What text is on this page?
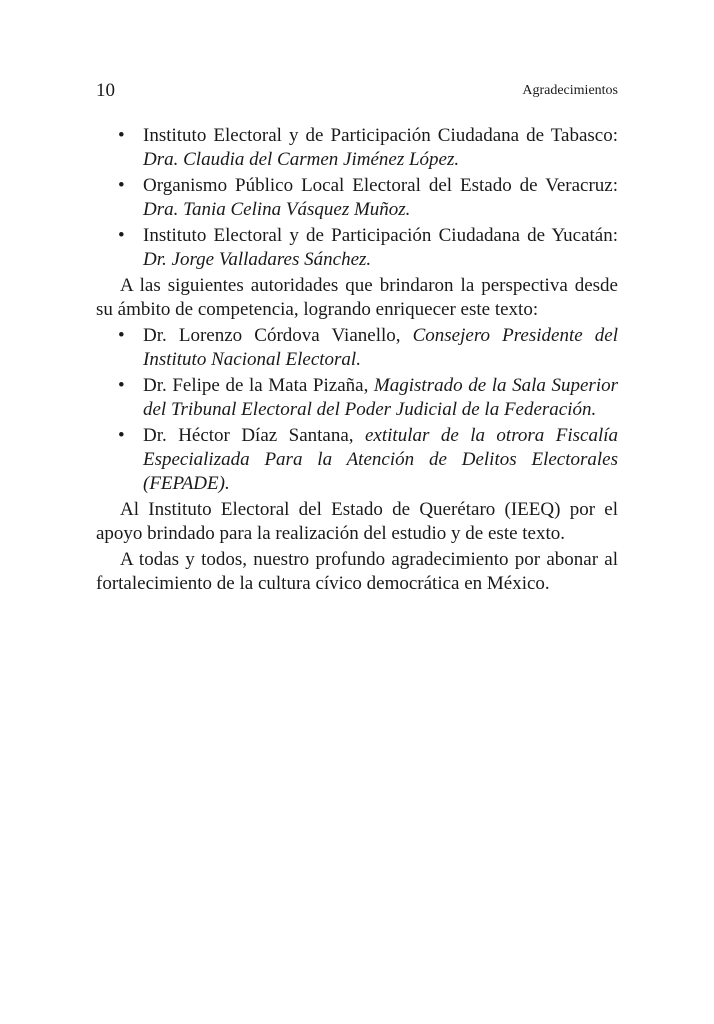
10	Agradecimientos
• Instituto Electoral y de Participación Ciudadana de Tabasco: Dra. Claudia del Carmen Jiménez López.
• Organismo Público Local Electoral del Estado de Veracruz: Dra. Tania Celina Vásquez Muñoz.
• Instituto Electoral y de Participación Ciudadana de Yucatán: Dr. Jorge Valladares Sánchez.

A las siguientes autoridades que brindaron la perspectiva desde su ámbito de competencia, logrando enriquecer este texto:

• Dr. Lorenzo Córdova Vianello, Consejero Presidente del Instituto Nacional Electoral.
• Dr. Felipe de la Mata Pizaña, Magistrado de la Sala Superior del Tribunal Electoral del Poder Judicial de la Federación.
• Dr. Héctor Díaz Santana, extitular de la otrora Fiscalía Especializada Para la Atención de Delitos Electorales (FEPADE).

Al Instituto Electoral del Estado de Querétaro (IEEQ) por el apoyo brindado para la realización del estudio y de este texto.

A todas y todos, nuestro profundo agradecimiento por abonar al fortalecimiento de la cultura cívico democrática en México.
